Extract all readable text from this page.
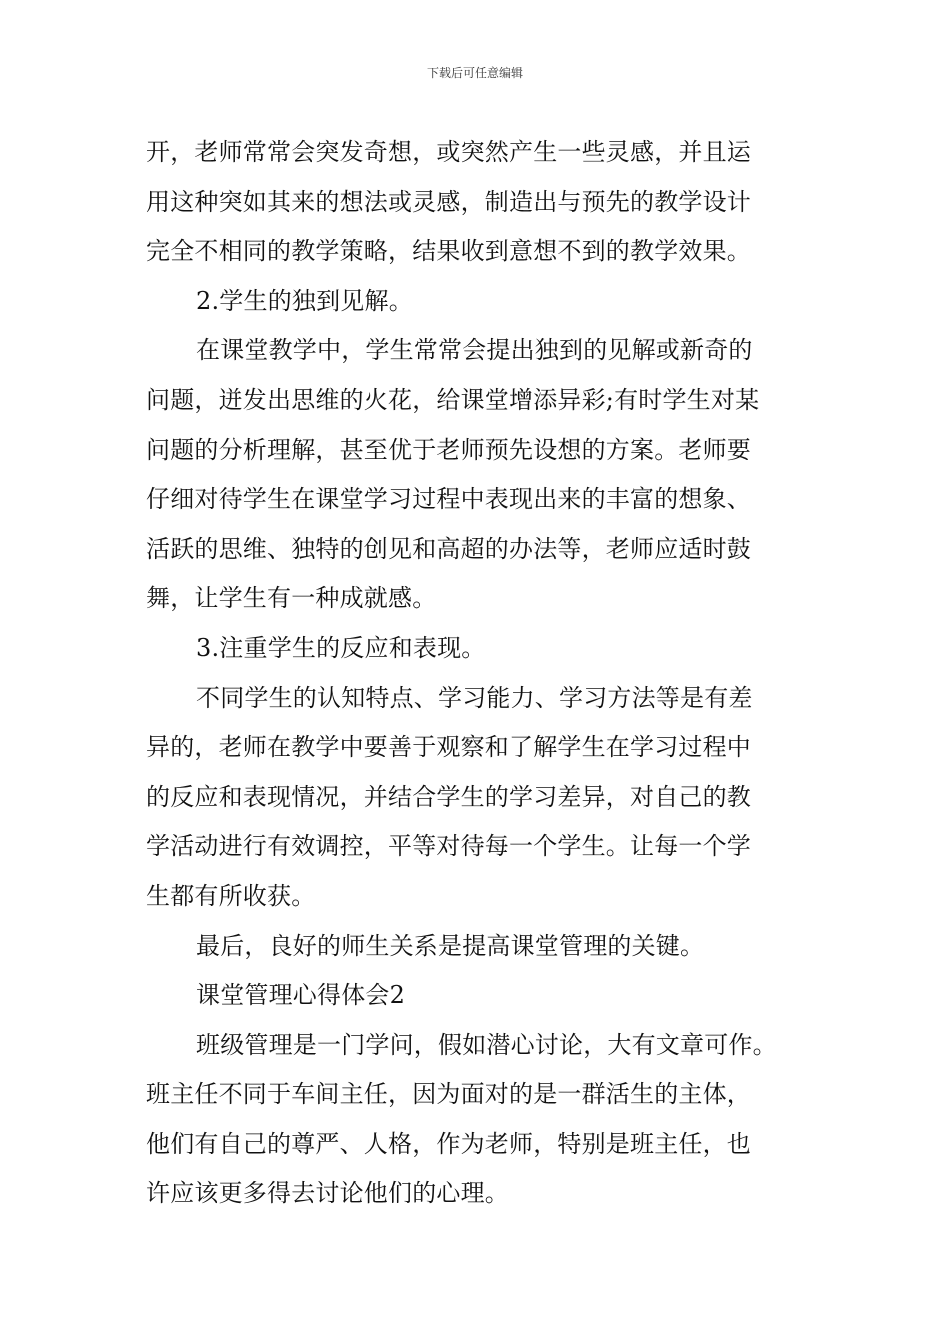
下载后可任意编辑
开，老师常常会突发奇想，或突然产生一些灵感，并且运
用这种突如其来的想法或灵感，制造出与预先的教学设计
完全不相同的教学策略，结果收到意想不到的教学效果。
2.学生的独到见解。
在课堂教学中，学生常常会提出独到的见解或新奇的
问题，迸发出思维的火花，给课堂增添异彩;有时学生对某
问题的分析理解，甚至优于老师预先设想的方案。老师要
仔细对待学生在课堂学习过程中表现出来的丰富的想象、
活跃的思维、独特的创见和高超的办法等，老师应适时鼓
舞，让学生有一种成就感。
3.注重学生的反应和表现。
不同学生的认知特点、学习能力、学习方法等是有差
异的，老师在教学中要善于观察和了解学生在学习过程中
的反应和表现情况，并结合学生的学习差异，对自己的教
学活动进行有效调控，平等对待每一个学生。让每一个学
生都有所收获。
最后，良好的师生关系是提高课堂管理的关键。
课堂管理心得体会2
班级管理是一门学问，假如潜心讨论，大有文章可作。
班主任不同于车间主任，因为面对的是一群活生的主体，
他们有自己的尊严、人格，作为老师，特别是班主任，也
许应该更多得去讨论他们的心理。
